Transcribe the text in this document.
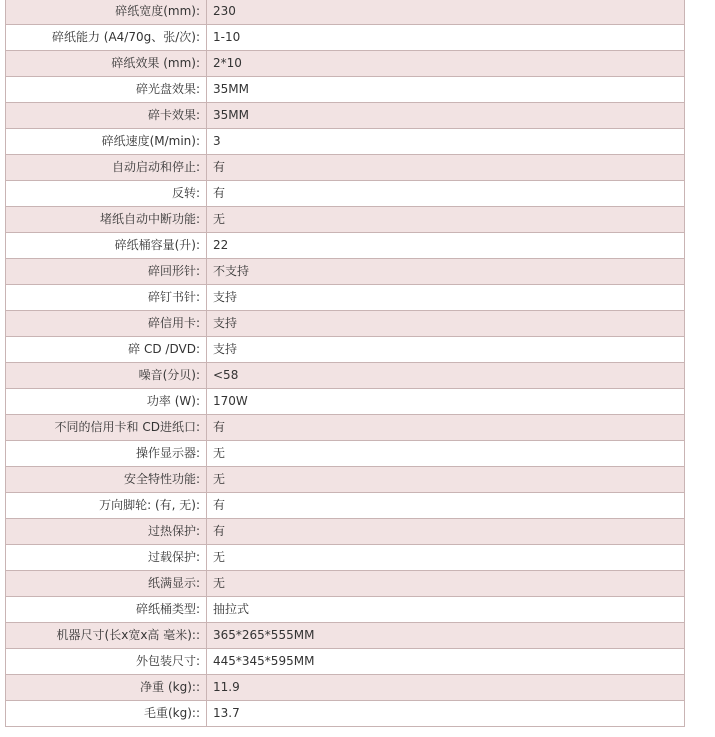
碎纸宽度(mm):	230
碎纸能力 (A4/70g、张/次):	1-10
碎纸效果 (mm):	2*10
碎光盘效果:	35MM
碎卡效果:	35MM
碎纸速度(M/min):	3
自动启动和停止:	有
反转:	有
堵纸自动中断功能:	无
碎纸桶容量(升):	22
碎回形针:	不支持
碎钉书针:	支持
碎信用卡:	支持
碎 CD /DVD:	支持
噪音(分贝):	<58
功率 (W):	170W
不同的信用卡和 CD进纸口:	有
操作显示器:	无
安全特性功能:	无
万向脚轮: (有, 无):	有
过热保护:	有
过载保护:	无
纸满显示:	无
碎纸桶类型:	抽拉式
机器尺寸(长x宽x高 毫米)::	365*265*555MM
外包装尺寸:	445*345*595MM
净重 (kg)::	11.9
毛重(kg)::	13.7
